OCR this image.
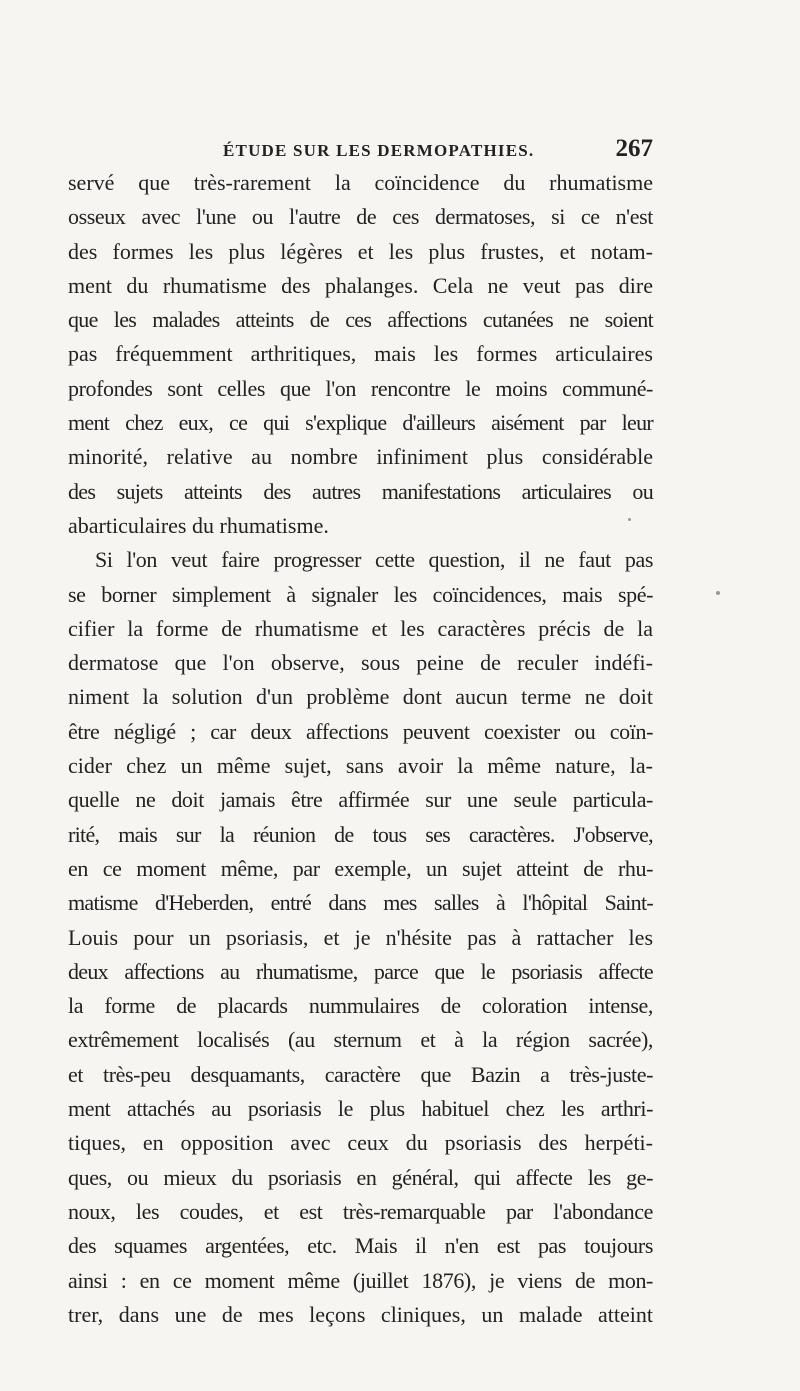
ÉTUDE SUR LES DERMOPATHIES.	267
servé que très-rarement la coïncidence du rhumatisme
osseux avec l'une ou l'autre de ces dermatoses, si ce n'est
des formes les plus légères et les plus frustes, et notam-
ment du rhumatisme des phalanges. Cela ne veut pas dire
que les malades atteints de ces affections cutanées ne soient
pas fréquemment arthritiques, mais les formes articulaires
profondes sont celles que l'on rencontre le moins communé-
ment chez eux, ce qui s'explique d'ailleurs aisément par leur
minorité, relative au nombre infiniment plus considérable
des sujets atteints des autres manifestations articulaires ou
abarticulaires du rhumatisme.
Si l'on veut faire progresser cette question, il ne faut pas
se borner simplement à signaler les coïncidences, mais spé-
cifier la forme de rhumatisme et les caractères précis de la
dermatose que l'on observe, sous peine de reculer indéfi-
niment la solution d'un problème dont aucun terme ne doit
être négligé ; car deux affections peuvent coexister ou coïn-
cider chez un même sujet, sans avoir la même nature, la-
quelle ne doit jamais être affirmée sur une seule particula-
rité, mais sur la réunion de tous ses caractères. J'observe,
en ce moment même, par exemple, un sujet atteint de rhu-
matisme d'Heberden, entré dans mes salles à l'hôpital Saint-
Louis pour un psoriasis, et je n'hésite pas à rattacher les
deux affections au rhumatisme, parce que le psoriasis affecte
la forme de placards nummulaires de coloration intense,
extrêmement localisés (au sternum et à la région sacrée),
et très-peu desquamants, caractère que Bazin a très-juste-
ment attachés au psoriasis le plus habituel chez les arthri-
tiques, en opposition avec ceux du psoriasis des herpéti-
ques, ou mieux du psoriasis en général, qui affecte les ge-
noux, les coudes, et est très-remarquable par l'abondance
des squames argentées, etc. Mais il n'en est pas toujours
ainsi : en ce moment même (juillet 1876), je viens de mon-
trer, dans une de mes leçons cliniques, un malade atteint
